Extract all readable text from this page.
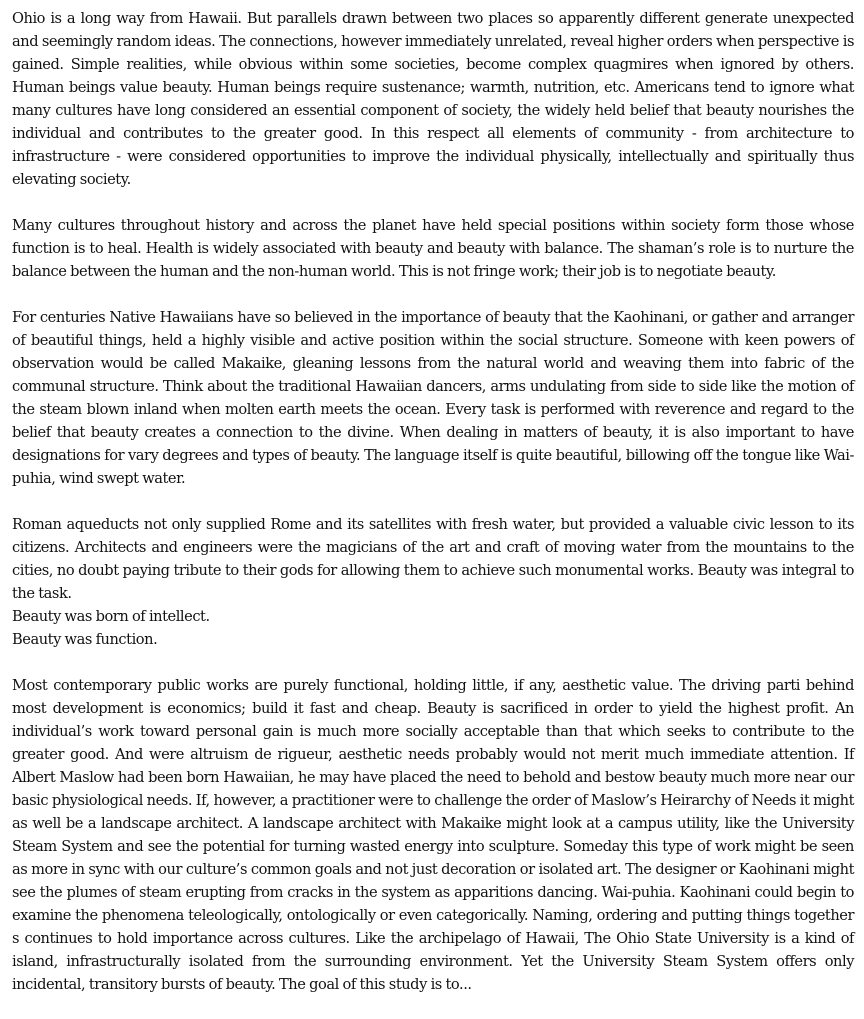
Ohio is a long way from Hawaii. But parallels drawn between two places so apparently different generate unexpected and seemingly random ideas. The connections, however immediately unrelated, reveal higher orders when perspective is gained. Simple realities, while obvious within some societies, become complex quagmires when ignored by others. Human beings value beauty. Human beings require sustenance; warmth, nutrition, etc. Americans tend to ignore what many cultures have long considered an essential component of society, the widely held belief that beauty nourishes the individual and contributes to the greater good. In this respect all elements of community - from architecture to infrastructure - were considered opportunities to improve the individual physically, intellectually and spiritually thus elevating society.

Many cultures throughout history and across the planet have held special positions within society form those whose function is to heal. Health is widely associated with beauty and beauty with balance. The shaman’s role is to nurture the balance between the human and the non-human world. This is not fringe work; their job is to negotiate beauty.

For centuries Native Hawaiians have so believed in the importance of beauty that the Kaohinani, or gather and arranger of beautiful things, held a highly visible and active position within the social structure. Someone with keen powers of observation would be called Makaike, gleaning lessons from the natural world and weaving them into fabric of the communal structure. Think about the traditional Hawaiian dancers, arms undulating from side to side like the motion of the steam blown inland when molten earth meets the ocean. Every task is performed with reverence and regard to the belief that beauty creates a connection to the divine. When dealing in matters of beauty, it is also important to have designations for vary degrees and types of beauty. The language itself is quite beautiful, billowing off the tongue like Wai-puhia, wind swept water.

Roman aqueducts not only supplied Rome and its satellites with fresh water, but provided a valuable civic lesson to its citizens. Architects and engineers were the magicians of the art and craft of moving water from the mountains to the cities, no doubt paying tribute to their gods for allowing them to achieve such monumental works. Beauty was integral to the task.
Beauty was born of intellect.
Beauty was function.

Most contemporary public works are purely functional, holding little, if any, aesthetic value. The driving parti behind most development is economics; build it fast and cheap. Beauty is sacrificed in order to yield the highest profit. An individual’s work toward personal gain is much more socially acceptable than that which seeks to contribute to the greater good. And were altruism de rigueur, aesthetic needs probably would not merit much immediate attention. If Albert Maslow had been born Hawaiian, he may have placed the need to behold and bestow beauty much more near our basic physiological needs. If, however, a practitioner were to challenge the order of Maslow’s Heirarchy of Needs it might as well be a landscape architect. A landscape architect with Makaike might look at a campus utility, like the University Steam System and see the potential for turning wasted energy into sculpture. Someday this type of work might be seen as more in sync with our culture’s common goals and not just decoration or isolated art. The designer or Kaohinani might see the plumes of steam erupting from cracks in the system as apparitions dancing. Wai-puhia. Kaohinani could begin to examine the phenomena teleologically, ontologically or even categorically. Naming, ordering and putting things together s continues to hold importance across cultures. Like the archipelago of Hawaii, The Ohio State University is a kind of island, infrastructurally isolated from the surrounding environment. Yet the University Steam System offers only incidental, transitory bursts of beauty. The goal of this study is to...
